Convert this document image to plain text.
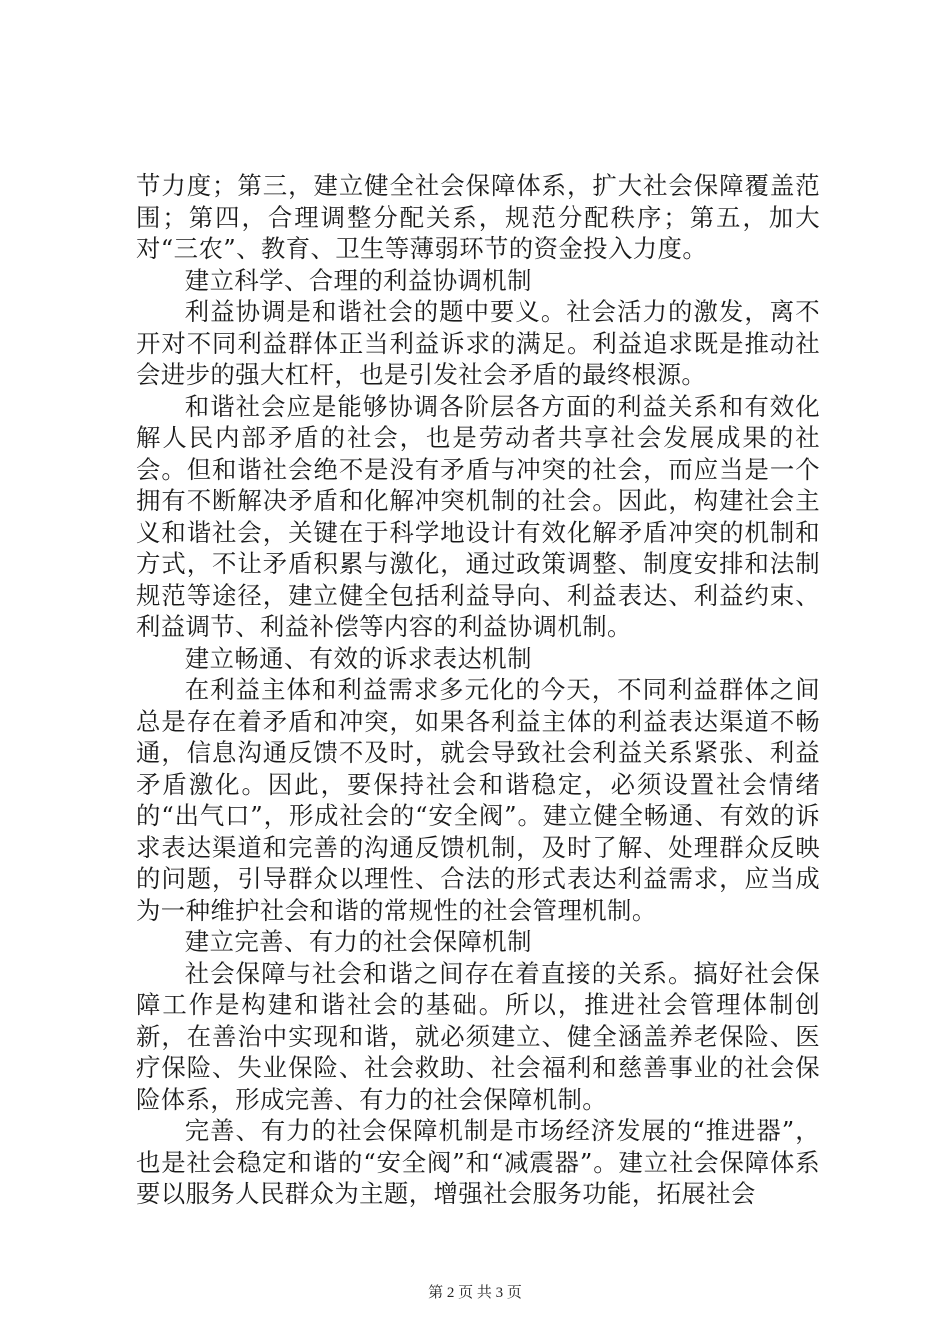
节力度；第三，建立健全社会保障体系，扩大社会保障覆盖范围；第四，合理调整分配关系，规范分配秩序；第五，加大对“三农”、教育、卫生等薄弱环节的资金投入力度。

建立科学、合理的利益协调机制

利益协调是和谐社会的题中要义。社会活力的激发，离不开对不同利益群体正当利益诉求的满足。利益追求既是推动社会进步的强大杠杆，也是引发社会矛盾的最终根源。

和谐社会应是能够协调各阶层各方面的利益关系和有效化解人民内部矛盾的社会，也是劳动者共享社会发展成果的社会。但和谐社会绝不是没有矛盾与冲突的社会，而应当是一个拥有不断解决矛盾和化解冲突机制的社会。因此，构建社会主义和谐社会，关键在于科学地设计有效化解矛盾冲突的机制和方式，不让矛盾积累与激化，通过政策调整、制度安排和法制规范等途径，建立健全包括利益导向、利益表达、利益约束、利益调节、利益补偿等内容的利益协调机制。

建立畅通、有效的诉求表达机制

在利益主体和利益需求多元化的今天，不同利益群体之间总是存在着矛盾和冲突，如果各利益主体的利益表达渠道不畅通，信息沟通反馈不及时，就会导致社会利益关系紧张、利益矛盾激化。因此，要保持社会和谐稳定，必须设置社会情绪的“出气口”，形成社会的“安全阀”。建立健全畅通、有效的诉求表达渠道和完善的沟通反馈机制，及时了解、处理群众反映的问题，引导群众以理性、合法的形式表达利益需求，应当成为一种维护社会和谐的常规性的社会管理机制。

建立完善、有力的社会保障机制

社会保障与社会和谐之间存在着直接的关系。搞好社会保障工作是构建和谐社会的基础。所以，推进社会管理体制创新，在善治中实现和谐，就必须建立、健全涵盖养老保险、医疗保险、失业保险、社会救助、社会福利和慈善事业的社会保险体系，形成完善、有力的社会保障机制。

完善、有力的社会保障机制是市场经济发展的“推进器”，也是社会稳定和谐的“安全阀”和“减震器”。建立社会保障体系要以服务人民群众为主题，增强社会服务功能，拓展社会

第 2 页 共 3 页
